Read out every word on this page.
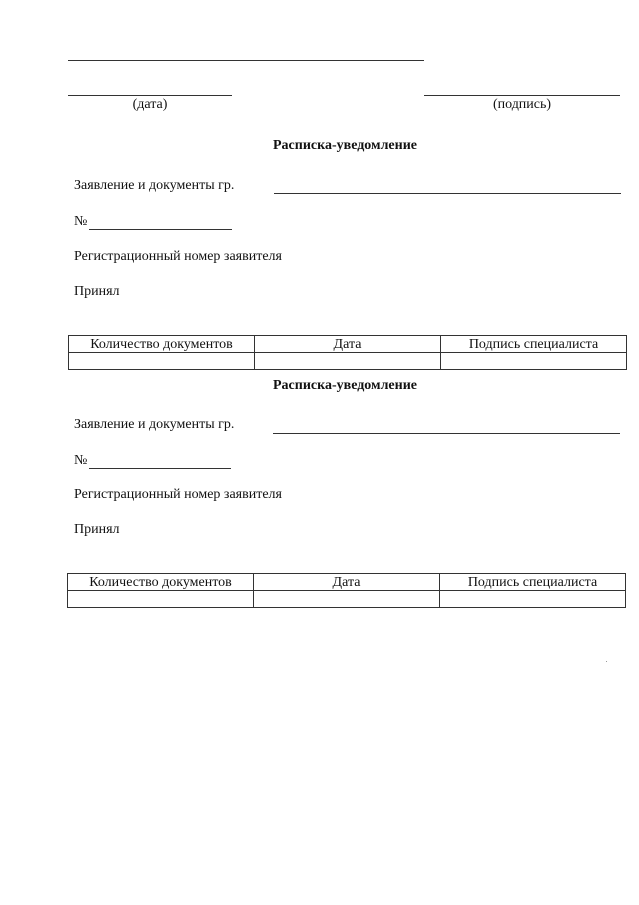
(дата)	(подпись)
Расписка-уведомление
Заявление и документы гр.
№
Регистрационный номер заявителя
Принял
Количество документов	Дата	Подпись специалиста

Расписка-уведомление
Заявление и документы гр.
№
Регистрационный номер заявителя
Принял
Количество документов	Дата	Подпись специалиста
